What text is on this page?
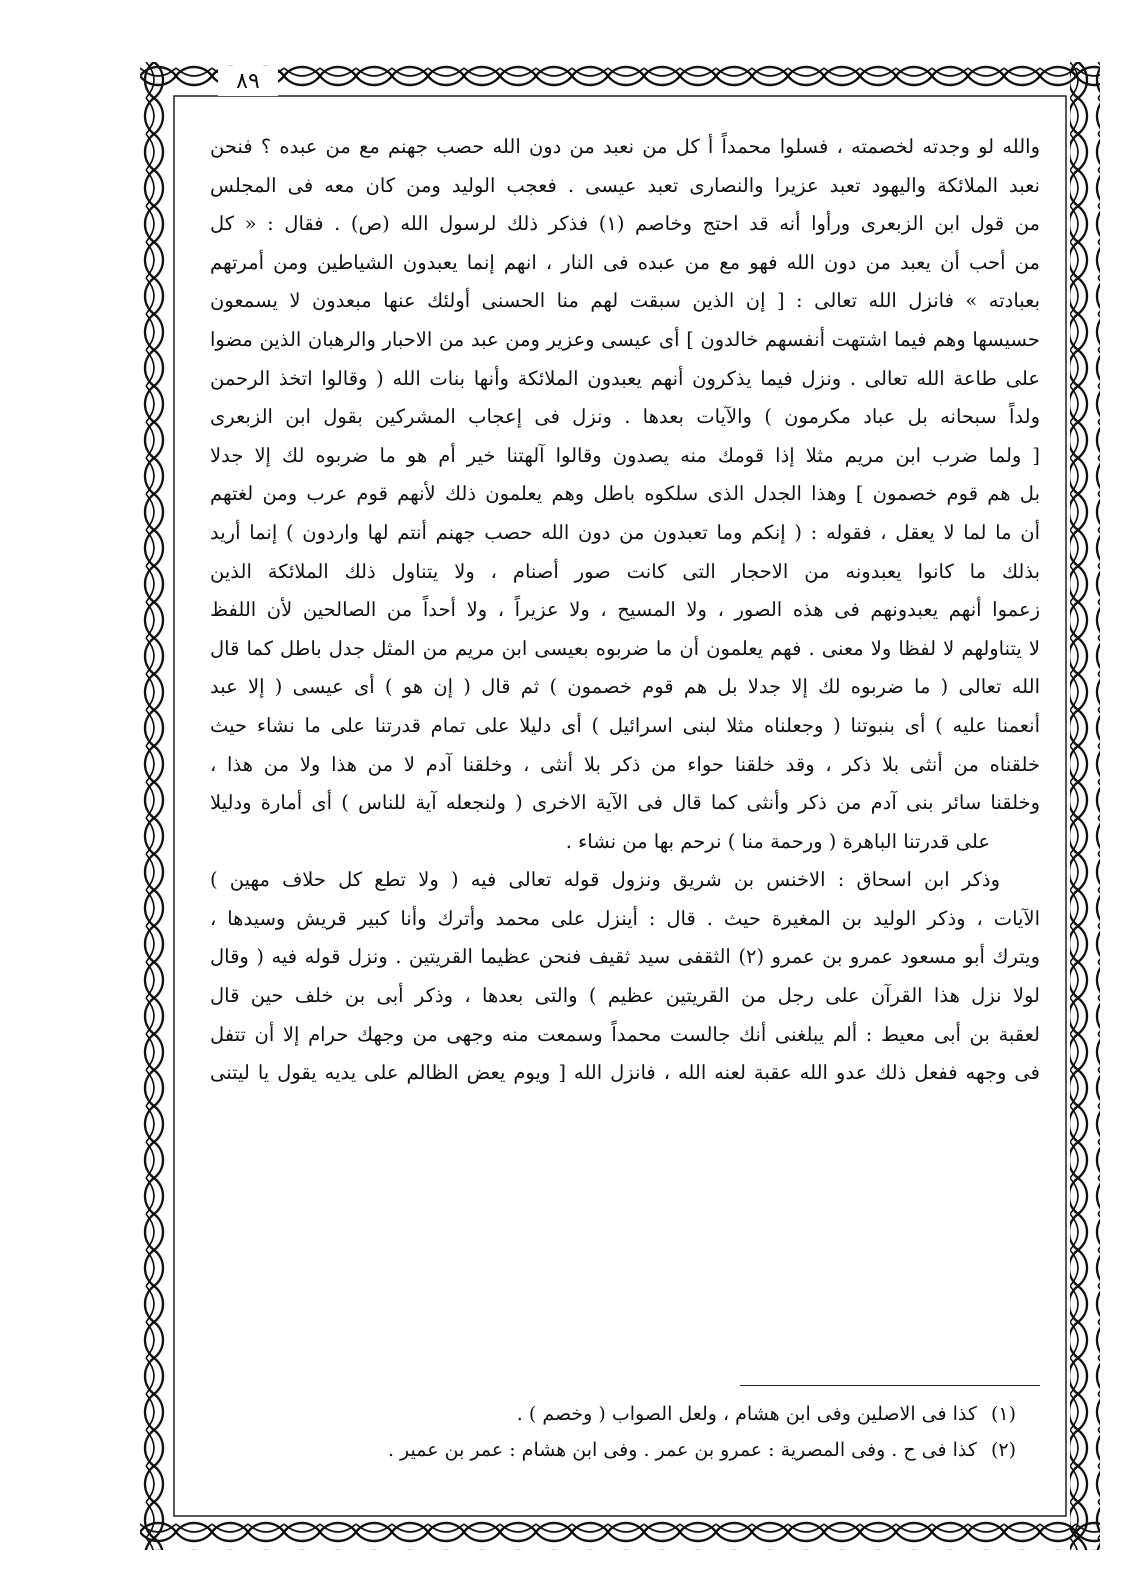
٨٩
والله لو وجدته لخصمته ، فسلوا محمداً أ كل من نعبد من دون الله حصب جهنم مع من عبده ؟ فنحن
نعبد الملائكة واليهود تعبد عزيرا والنصارى تعبد عيسى . فعجب الوليد ومن كان معه فى المجلس
من قول ابن الزبعرى ورأوا أنه قد احتج وخاصم (١) فذكر ذلك لرسول الله (ص) . فقال : « كل
من أحب أن يعبد من دون الله فهو مع من عبده فى النار ، انهم إنما يعبدون الشياطين ومن أمرتهم
بعبادته » فانزل الله تعالى : [ إن الذين سبقت لهم منا الحسنى أولئك عنها مبعدون لا يسمعون
حسيسها وهم فيما اشتهت أنفسهم خالدون ] أى عيسى وعزير ومن عبد من الاحبار والرهبان الذين مضوا
على طاعة الله تعالى . ونزل فيما يذكرون أنهم يعبدون الملائكة وأنها بنات الله ( وقالوا اتخذ الرحمن
ولداً سبحانه بل عباد مكرمون ) والآيات بعدها . ونزل فى إعجاب المشركين بقول ابن الزبعرى
[ ولما ضرب ابن مريم مثلا إذا قومك منه يصدون وقالوا آلهتنا خير أم هو ما ضربوه لك إلا جدلا
بل هم قوم خصمون ] وهذا الجدل الذى سلكوه باطل وهم يعلمون ذلك لأنهم قوم عرب ومن لغتهم
أن ما لما لا يعقل ، فقوله : ( إنكم وما تعبدون من دون الله حصب جهنم أنتم لها واردون ) إنما أريد
بذلك ما كانوا يعبدونه من الاحجار التى كانت صور أصنام ، ولا يتناول ذلك الملائكة الذين
زعموا أنهم يعبدونهم فى هذه الصور ، ولا المسيح ، ولا عزيراً ، ولا أحداً من الصالحين لأن اللفظ
لا يتناولهم لا لفظا ولا معنى . فهم يعلمون أن ما ضربوه بعيسى ابن مريم من المثل جدل باطل كما قال
الله تعالى ( ما ضربوه لك إلا جدلا بل هم قوم خصمون ) ثم قال ( إن هو ) أى عيسى ( إلا عبد
أنعمنا عليه ) أى بنبوتنا ( وجعلناه مثلا لبنى اسرائيل ) أى دليلا على تمام قدرتنا على ما نشاء حيث
خلقناه من أنثى بلا ذكر ، وقد خلقنا حواء من ذكر بلا أنثى ، وخلقنا آدم لا من هذا ولا من هذا ،
وخلقنا سائر بنى آدم من ذكر وأنثى كما قال فى الآية الاخرى ( ولنجعله آية للناس ) أى أمارة ودليلا
على قدرتنا الباهرة ( ورحمة منا ) نرحم بها من نشاء .
وذكر ابن اسحاق : الاخنس بن شريق ونزول قوله تعالى فيه ( ولا تطع كل حلاف مهين )
الآيات ، وذكر الوليد بن المغيرة حيث . قال : أينزل على محمد وأترك وأنا كبير قريش وسيدها ،
ويترك أبو مسعود عمرو بن عمرو (٢) الثقفى سيد ثقيف فنحن عظيما القريتين . ونزل قوله فيه ( وقال
لولا نزل هذا القرآن على رجل من القريتين عظيم ) والتى بعدها ، وذكر أبى بن خلف حين قال
لعقبة بن أبى معيط : ألم يبلغنى أنك جالست محمداً وسمعت منه وجهى من وجهك حرام إلا أن تتفل
فى وجهه ففعل ذلك عدو الله عقبة لعنه الله ، فانزل الله [ ويوم يعض الظالم على يديه يقول يا ليتنى
(١)كذا فى الاصلين وفى ابن هشام ، ولعل الصواب ( وخصم ) .
(٢)كذا فى ح . وفى المصرية : عمرو بن عمر . وفى ابن هشام : عمر بن عمير .
